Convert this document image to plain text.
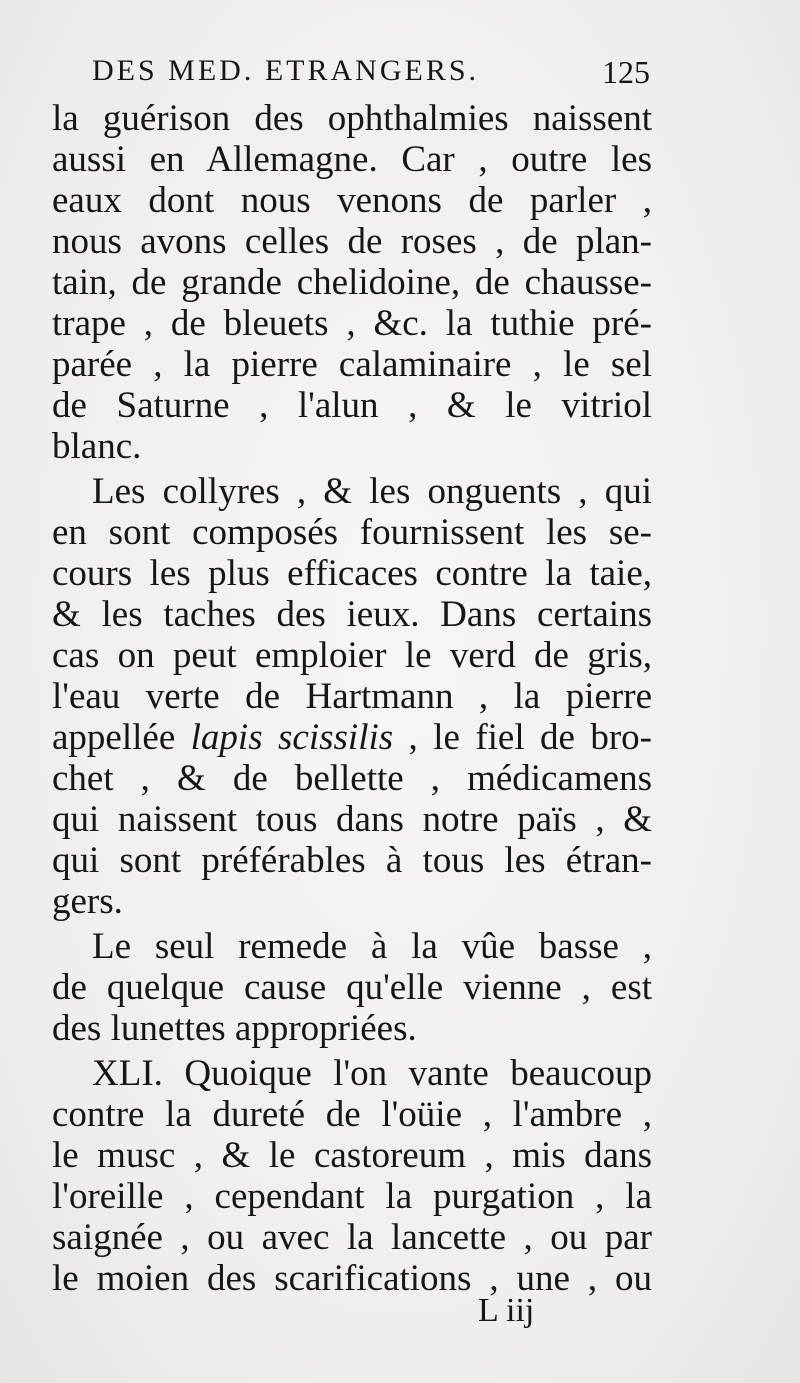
DES MED. ETRANGERS.	125
la guérison des ophthalmies naissent
aussi en Allemagne. Car , outre les
eaux dont nous venons de parler ,
nous avons celles de roses , de plan-
tain, de grande chelidoine, de chausse-
trape , de bleuets , &c. la tuthie pré-
parée , la pierre calaminaire , le sel
de Saturne , l'alun , & le vitriol
blanc.
Les collyres , & les onguents , qui
en sont composés fournissent les se-
cours les plus efficaces contre la taie,
& les taches des ieux. Dans certains
cas on peut emploier le verd de gris,
l'eau verte de Hartmann , la pierre
appellée lapis scissilis , le fiel de bro-
chet , & de bellette , médicamens
qui naissent tous dans notre païs , &
qui sont préférables à tous les étran-
gers.
Le seul remede à la vûe basse ,
de quelque cause qu'elle vienne , est
des lunettes appropriées.
XLI. Quoique l'on vante beaucoup
contre la dureté de l'oüie , l'ambre ,
le musc , & le castoreum , mis dans
l'oreille , cependant la purgation , la
saignée , ou avec la lancette , ou par
le moien des scarifications , une , ou
L iij
